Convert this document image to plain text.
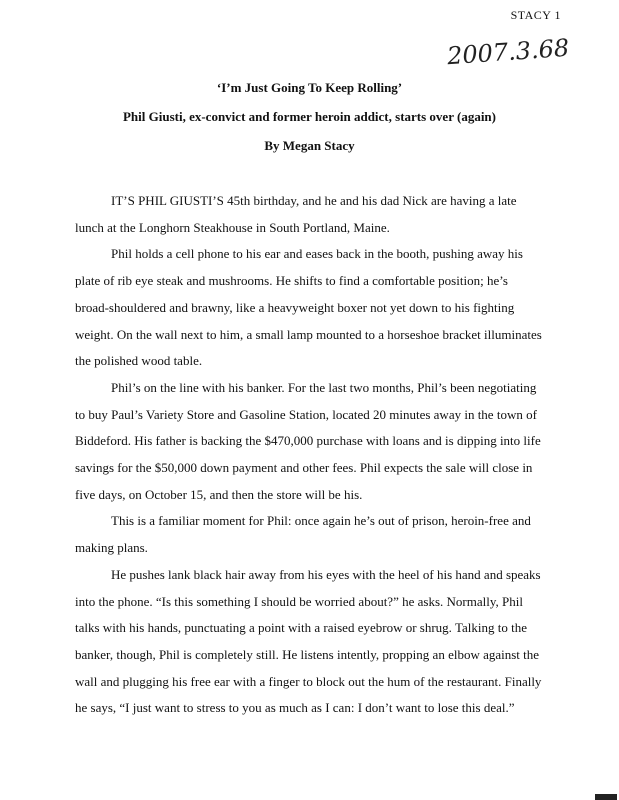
STACY 1
2007.3.68
‘I’m Just Going To Keep Rolling’
Phil Giusti, ex-convict and former heroin addict, starts over (again)
By Megan Stacy

IT’S PHIL GIUSTI’S 45th birthday, and he and his dad Nick are having a late lunch at the Longhorn Steakhouse in South Portland, Maine.

Phil holds a cell phone to his ear and eases back in the booth, pushing away his plate of rib eye steak and mushrooms. He shifts to find a comfortable position; he’s broad-shouldered and brawny, like a heavyweight boxer not yet down to his fighting weight. On the wall next to him, a small lamp mounted to a horseshoe bracket illuminates the polished wood table.

Phil’s on the line with his banker. For the last two months, Phil’s been negotiating to buy Paul’s Variety Store and Gasoline Station, located 20 minutes away in the town of Biddeford. His father is backing the $470,000 purchase with loans and is dipping into life savings for the $50,000 down payment and other fees. Phil expects the sale will close in five days, on October 15, and then the store will be his.

This is a familiar moment for Phil: once again he’s out of prison, heroin-free and making plans.

He pushes lank black hair away from his eyes with the heel of his hand and speaks into the phone. “Is this something I should be worried about?” he asks. Normally, Phil talks with his hands, punctuating a point with a raised eyebrow or shrug. Talking to the banker, though, Phil is completely still. He listens intently, propping an elbow against the wall and plugging his free ear with a finger to block out the hum of the restaurant. Finally he says, “I just want to stress to you as much as I can: I don’t want to lose this deal.”
